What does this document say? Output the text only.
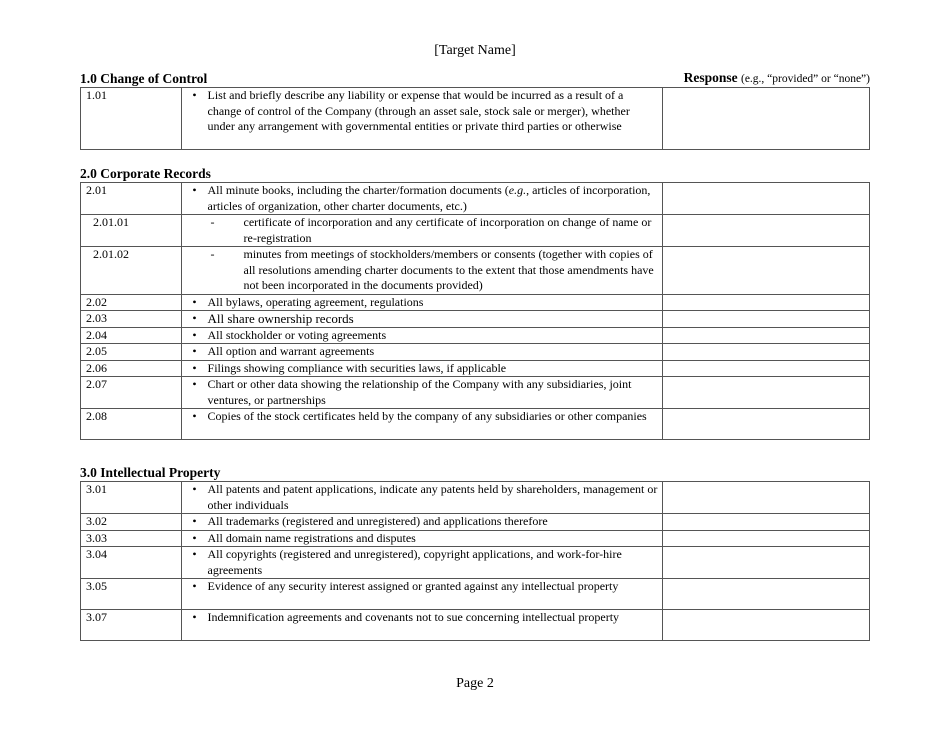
[Target Name]
1.0 Change of Control	Response (e.g., “provided” or “none”)
1.01	• List and briefly describe any liability or expense that would be incurred as a result of a change of control of the Company (through an asset sale, stock sale or merger), whether under any arrangement with governmental entities or private third parties or otherwise

2.0 Corporate Records
2.01	• All minute books, including the charter/formation documents (e.g., articles of incorporation, articles of organization, other charter documents, etc.)	

2.01.01	- certificate of incorporation and any certificate of incorporation on change of name or re-registration	

2.01.02	- minutes from meetings of stockholders/members or consents (together with copies of all resolutions amending charter documents to the extent that those amendments have not been incorporated in the documents provided)	

2.02	• All bylaws, operating agreement, regulations	

2.03	• All share ownership records	

2.04	• All stockholder or voting agreements	

2.05	• All option and warrant agreements	

2.06	• Filings showing compliance with securities laws, if applicable	

2.07	• Chart or other data showing the relationship of the Company with any subsidiaries, joint ventures, or partnerships	

2.08	• Copies of the stock certificates held by the company of any subsidiaries or other companies	

3.0 Intellectual Property
3.01	• All patents and patent applications, indicate any patents held by shareholders, management or other individuals	

3.02	• All trademarks (registered and unregistered) and applications therefore	

3.03	• All domain name registrations and disputes	

3.04	• All copyrights (registered and unregistered), copyright applications, and work-for-hire agreements	

3.05	• Evidence of any security interest assigned or granted against any intellectual property	

3.07	• Indemnification agreements and covenants not to sue concerning intellectual property	

Page 2
